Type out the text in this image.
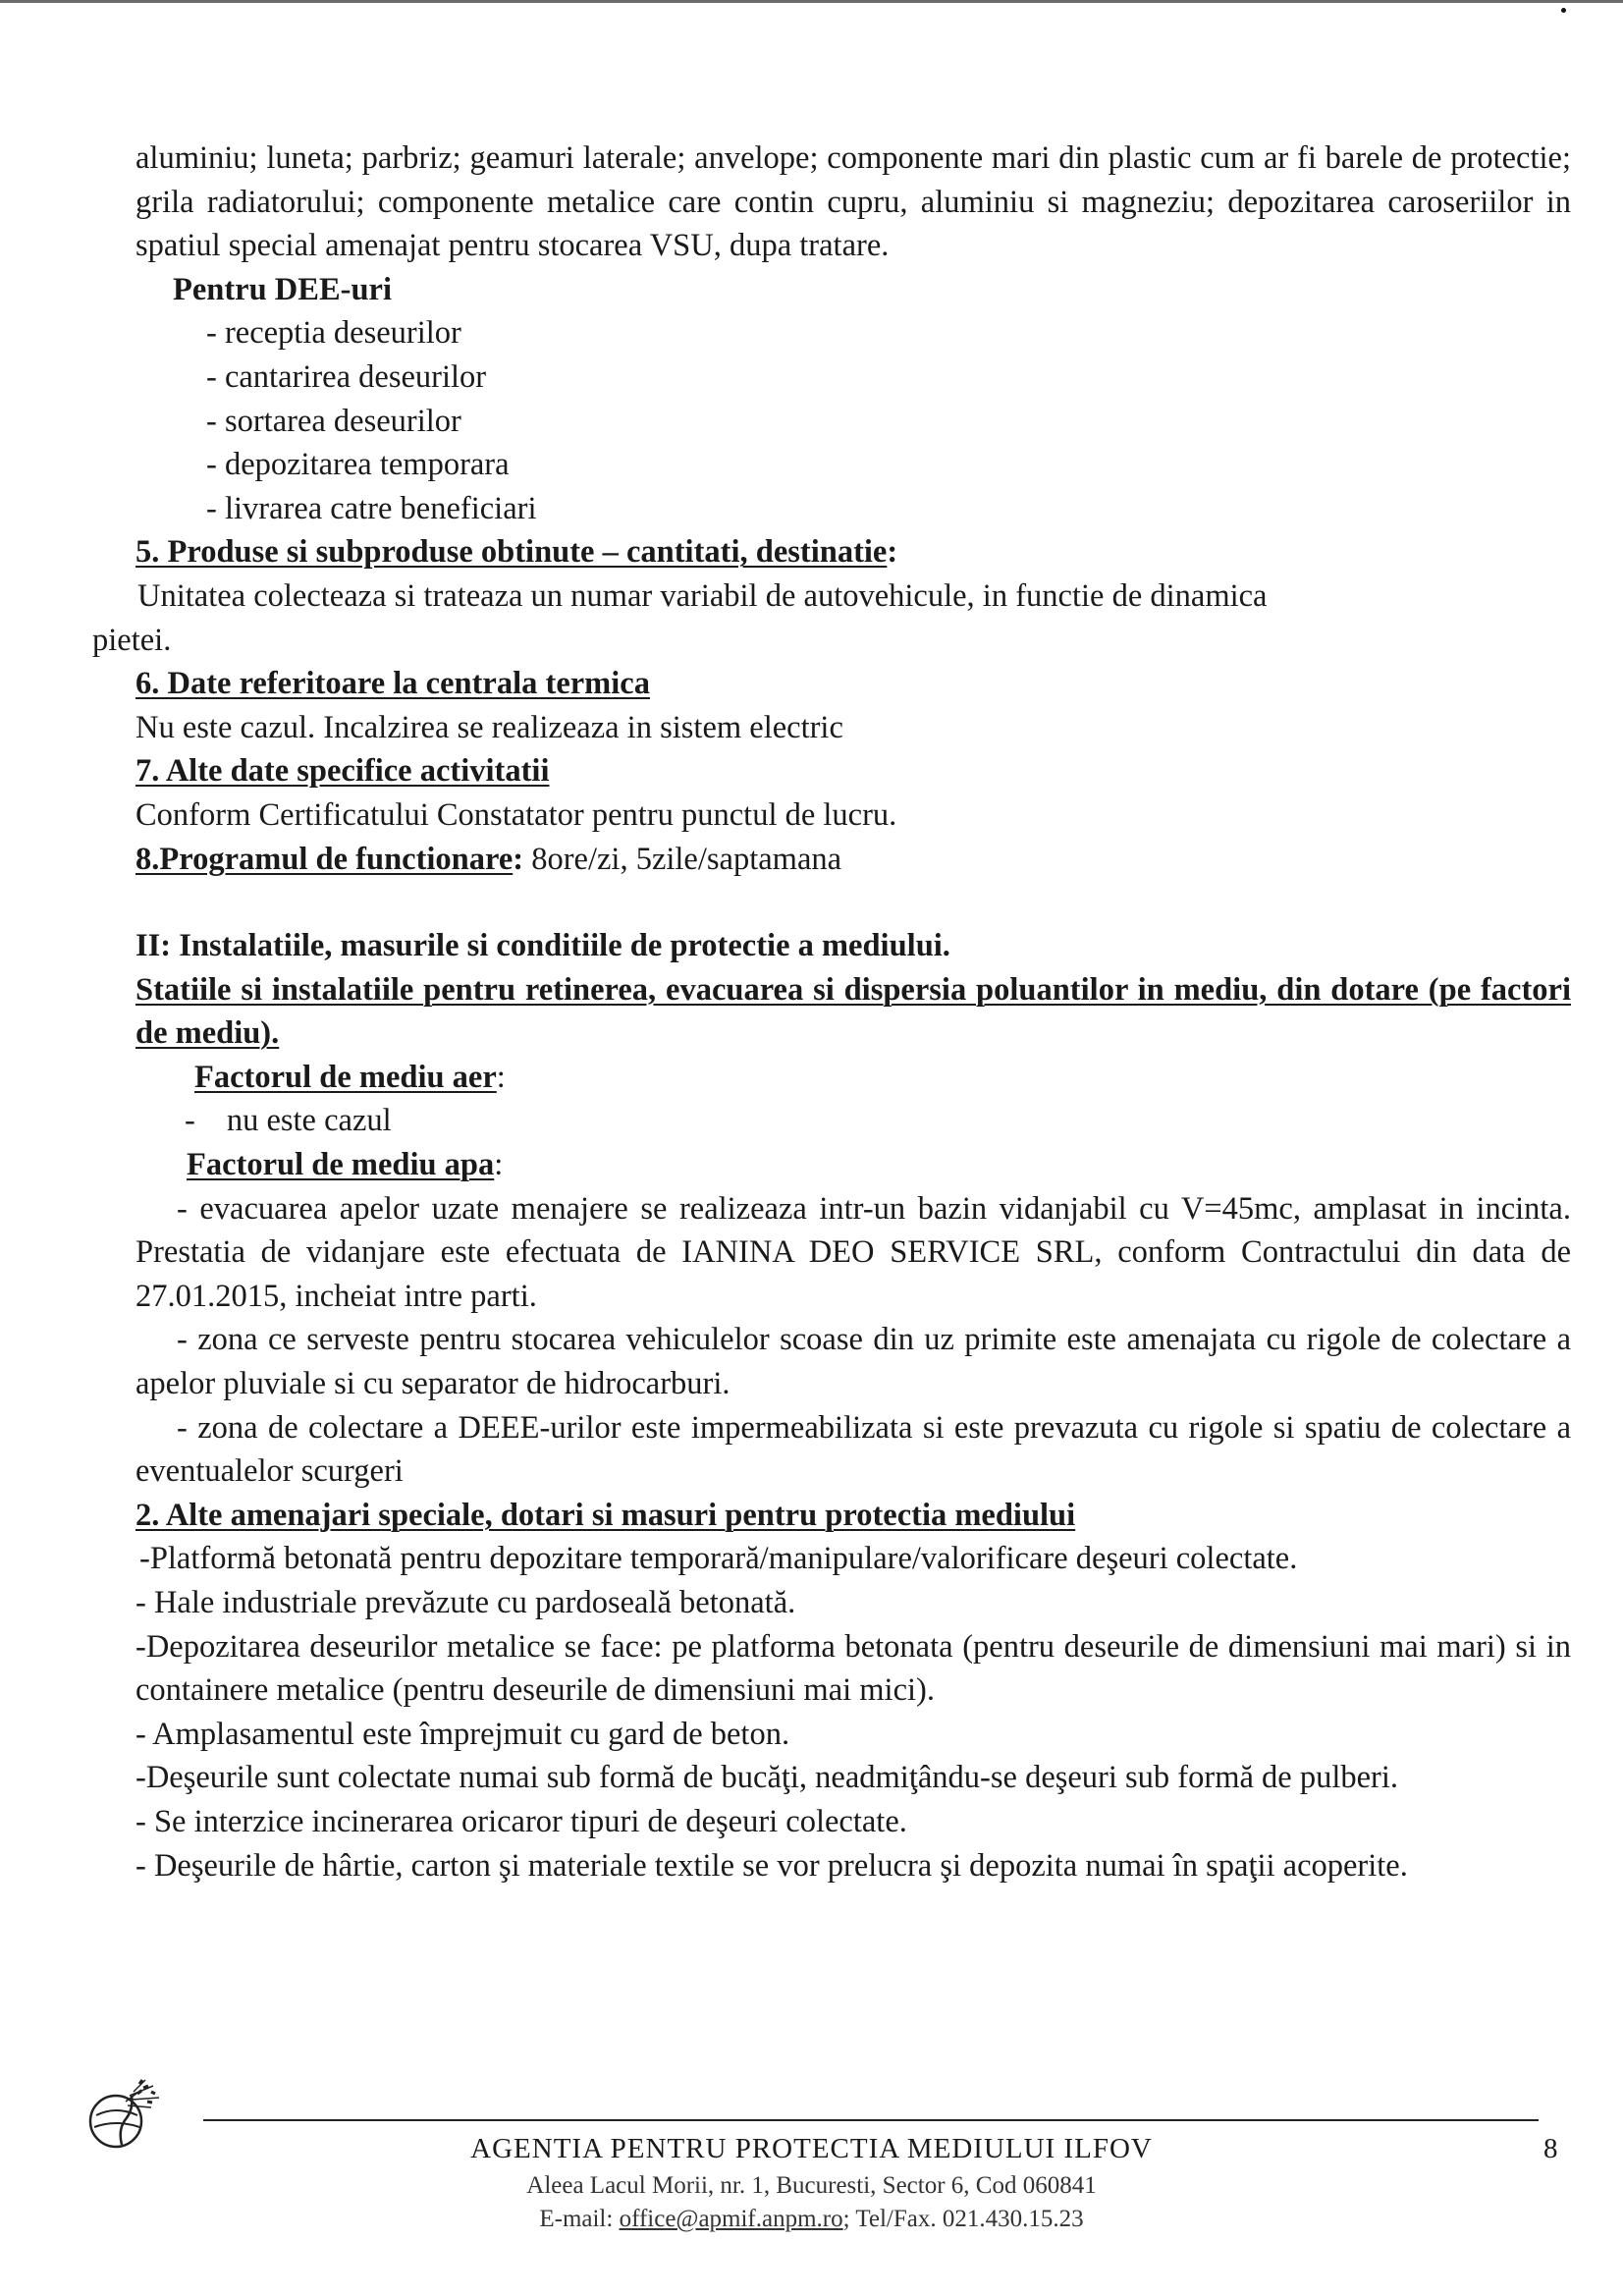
aluminiu; luneta; parbriz; geamuri laterale; anvelope; componente mari din plastic cum ar fi barele de protectie; grila radiatorului; componente metalice care contin cupru, aluminiu si magneziu; depozitarea caroseriilor in spatiul special amenajat pentru stocarea VSU, dupa tratare.

Pentru DEE-uri

- receptia deseurilor

- cantarirea deseurilor

- sortarea deseurilor

- depozitarea temporara

- livrarea catre beneficiari

5. Produse si subproduse obtinute – cantitati, destinatie:

Unitatea colecteaza si trateaza un numar variabil de autovehicule, in functie de dinamica

pietei.

6. Date referitoare la centrala termica

Nu este cazul. Incalzirea se realizeaza in sistem electric

7. Alte date specifice activitatii

Conform Certificatului Constatator pentru punctul de lucru.

8.Programul de functionare: 8ore/zi, 5zile/saptamana

II: Instalatiile, masurile si conditiile de protectie a mediului.

Statiile si instalatiile pentru retinerea, evacuarea si dispersia poluantilor in mediu, din dotare (pe factori de mediu).

Factorul de mediu aer:

- nu este cazul

Factorul de mediu apa:

- evacuarea apelor uzate menajere se realizeaza intr-un bazin vidanjabil cu V=45mc, amplasat in incinta. Prestatia de vidanjare este efectuata de IANINA DEO SERVICE SRL, conform Contractului din data de 27.01.2015, incheiat intre parti.

- zona ce serveste pentru stocarea vehiculelor scoase din uz primite este amenajata cu rigole de colectare a apelor pluviale si cu separator de hidrocarburi.

- zona de colectare a DEEE-urilor este impermeabilizata si este prevazuta cu rigole si spatiu de colectare a eventualelor scurgeri

2. Alte amenajari speciale, dotari si masuri pentru protectia mediului

-Platformă betonată pentru depozitare temporară/manipulare/valorificare deşeuri colectate.

- Hale industriale prevăzute cu pardoseală betonată.

-Depozitarea deseurilor metalice se face: pe platforma betonata (pentru deseurile de dimensiuni mai mari) si in containere metalice (pentru deseurile de dimensiuni mai mici).

- Amplasamentul este împrejmuit cu gard de beton.

-Deşeurile sunt colectate numai sub formă de bucăţi, neadmiţându-se deşeuri sub formă de pulberi.

- Se interzice incinerarea oricaror tipuri de deşeuri colectate.

- Deşeurile de hârtie, carton şi materiale textile se vor prelucra şi depozita numai în spaţii acoperite.

AGENTIA PENTRU PROTECTIA MEDIULUI ILFOV	8
Aleea Lacul Morii, nr. 1, Bucuresti, Sector 6, Cod 060841
E-mail: office@apmif.anpm.ro; Tel/Fax. 021.430.15.23
